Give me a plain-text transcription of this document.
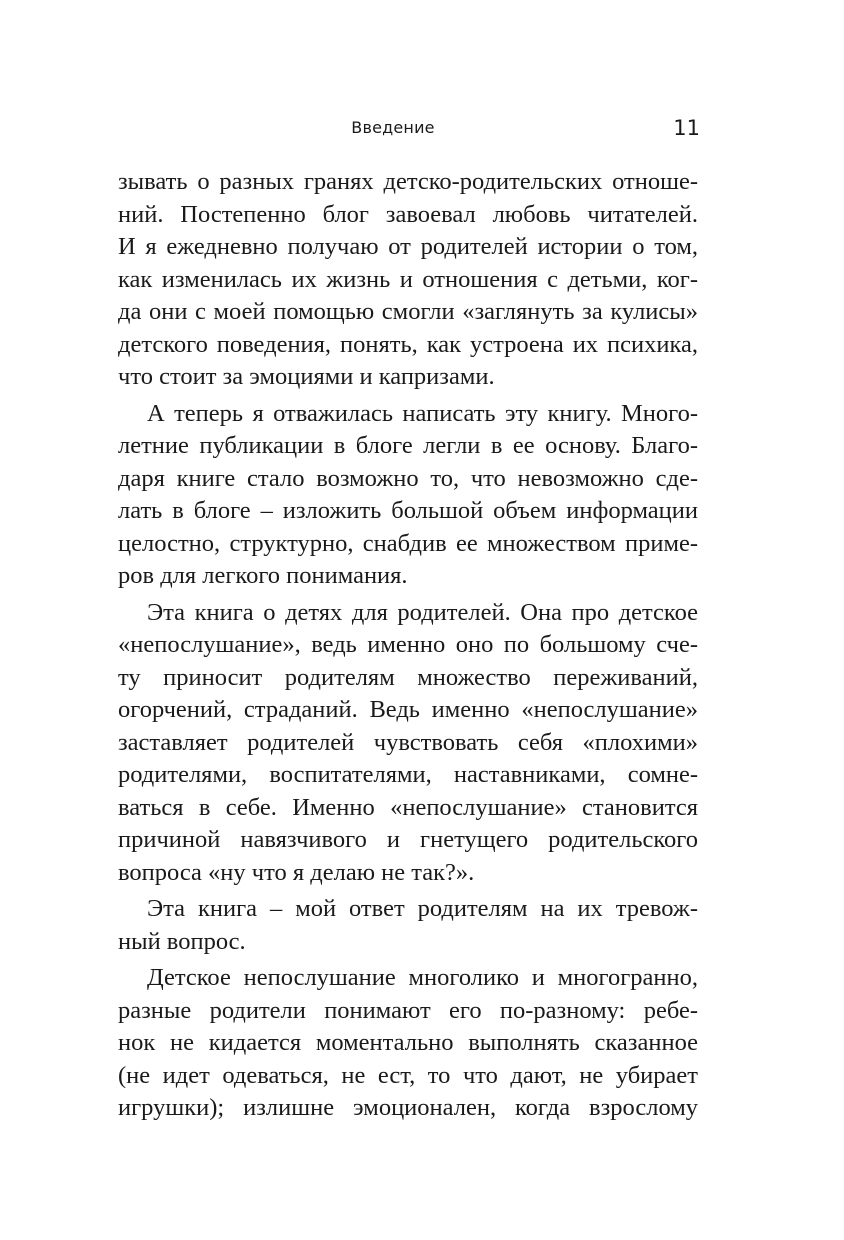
Введение	11
зывать о разных гранях детско-родительских отноше-
ний. Постепенно блог завоевал любовь читателей.
И я ежедневно получаю от родителей истории о том,
как изменилась их жизнь и отношения с детьми, ког-
да они с моей помощью смогли «заглянуть за кулисы»
детского поведения, понять, как устроена их психика,
что стоит за эмоциями и капризами.
А теперь я отважилась написать эту книгу. Много-
летние публикации в блоге легли в ее основу. Благо-
даря книге стало возможно то, что невозможно сде-
лать в блоге – изложить большой объем информации
целостно, структурно, снабдив ее множеством приме-
ров для легкого понимания.
Эта книга о детях для родителей. Она про детское
«непослушание», ведь именно оно по большому сче-
ту приносит родителям множество переживаний,
огорчений, страданий. Ведь именно «непослушание»
заставляет родителей чувствовать себя «плохими»
родителями, воспитателями, наставниками, сомне-
ваться в себе. Именно «непослушание» становится
причиной навязчивого и гнетущего родительского
вопроса «ну что я делаю не так?».
Эта книга – мой ответ родителям на их тревож-
ный вопрос.
Детское непослушание многолико и многогранно,
разные родители понимают его по-разному: ребе-
нок не кидается моментально выполнять сказанное
(не идет одеваться, не ест, то что дают, не убирает
игрушки); излишне эмоционален, когда взрослому
